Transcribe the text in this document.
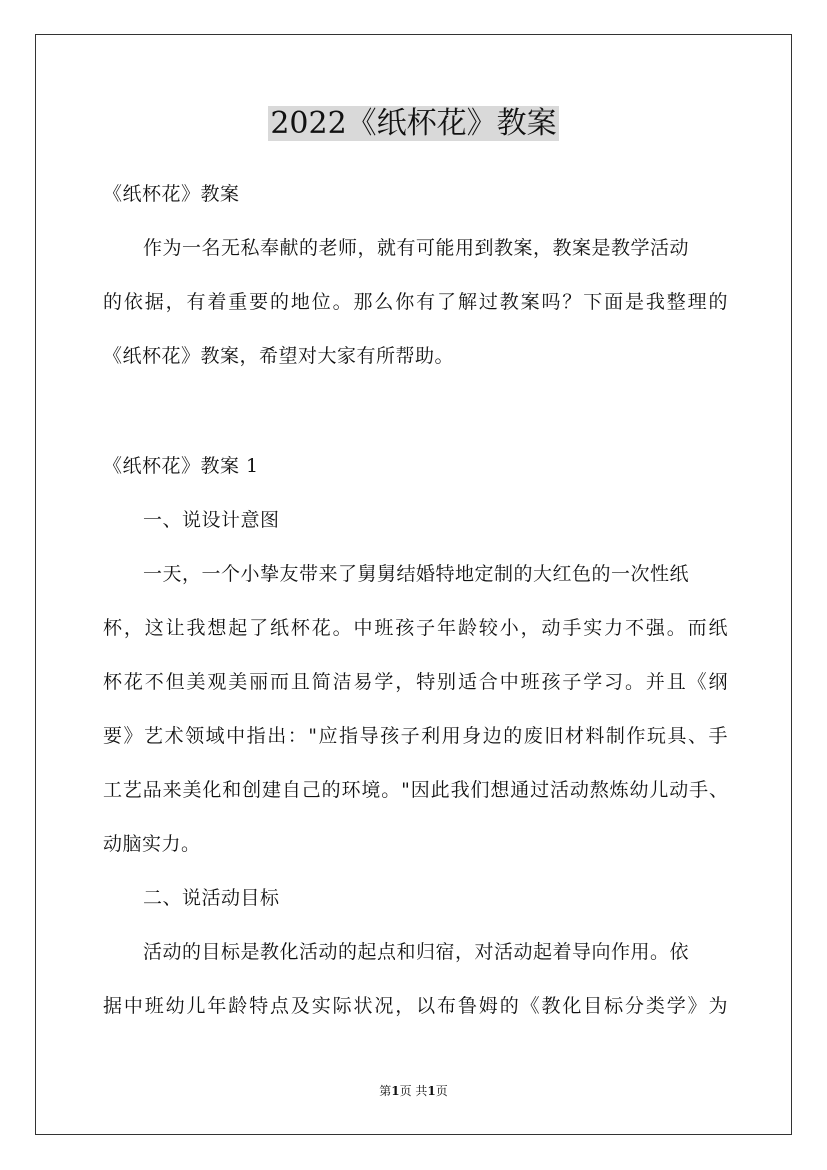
2022《纸杯花》教案
《纸杯花》教案
作为一名无私奉献的老师，就有可能用到教案，教案是教学活动
的依据，有着重要的地位。那么你有了解过教案吗？下面是我整理的
《纸杯花》教案，希望对大家有所帮助。
《纸杯花》教案 1
一、说设计意图
一天，一个小挚友带来了舅舅结婚特地定制的大红色的一次性纸
杯，这让我想起了纸杯花。中班孩子年龄较小，动手实力不强。而纸
杯花不但美观美丽而且简洁易学，特别适合中班孩子学习。并且《纲
要》艺术领域中指出："应指导孩子利用身边的废旧材料制作玩具、手
工艺品来美化和创建自己的环境。"因此我们想通过活动熬炼幼儿动手、
动脑实力。
二、说活动目标
活动的目标是教化活动的起点和归宿，对活动起着导向作用。依
据中班幼儿年龄特点及实际状况，以布鲁姆的《教化目标分类学》为
第1页 共1页
